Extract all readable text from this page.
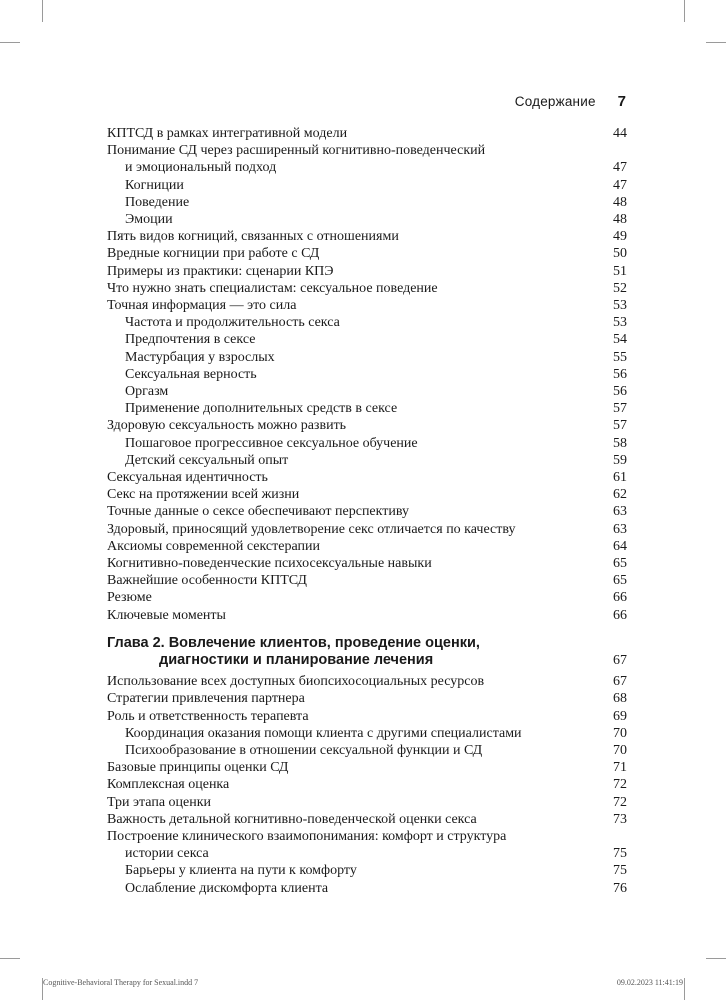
Содержание 7
КПТСД в рамках интегративной модели	44
Понимание СД через расширенный когнитивно-поведенческий
и эмоциональный подход	47
Когниции	47
Поведение	48
Эмоции	48
Пять видов когниций, связанных с отношениями	49
Вредные когниции при работе с СД	50
Примеры из практики: сценарии КПЭ	51
Что нужно знать специалистам: сексуальное поведение	52
Точная информация — это сила	53
Частота и продолжительность секса	53
Предпочтения в сексе	54
Мастурбация у взрослых	55
Сексуальная верность	56
Оргазм	56
Применение дополнительных средств в сексе	57
Здоровую сексуальность можно развить	57
Пошаговое прогрессивное сексуальное обучение	58
Детский сексуальный опыт	59
Сексуальная идентичность	61
Секс на протяжении всей жизни	62
Точные данные о сексе обеспечивают перспективу	63
Здоровый, приносящий удовлетворение секс отличается по качеству	63
Аксиомы современной секстерапии	64
Когнитивно-поведенческие психосексуальные навыки	65
Важнейшие особенности КПТСД	65
Резюме	66
Ключевые моменты	66
Глава 2. Вовлечение клиентов, проведение оценки,
диагностики и планирование лечения	67
Использование всех доступных биопсихосоциальных ресурсов	67
Стратегии привлечения партнера	68
Роль и ответственность терапевта	69
Координация оказания помощи клиента с другими специалистами	70
Психообразование в отношении сексуальной функции и СД	70
Базовые принципы оценки СД	71
Комплексная оценка	72
Три этапа оценки	72
Важность детальной когнитивно-поведенческой оценки секса	73
Построение клинического взаимопонимания: комфорт и структура
истории секса	75
Барьеры у клиента на пути к комфорту	75
Ослабление дискомфорта клиента	76
Cognitive-Behavioral Therapy for Sexual.indd 7	09.02.2023 11:41:19
